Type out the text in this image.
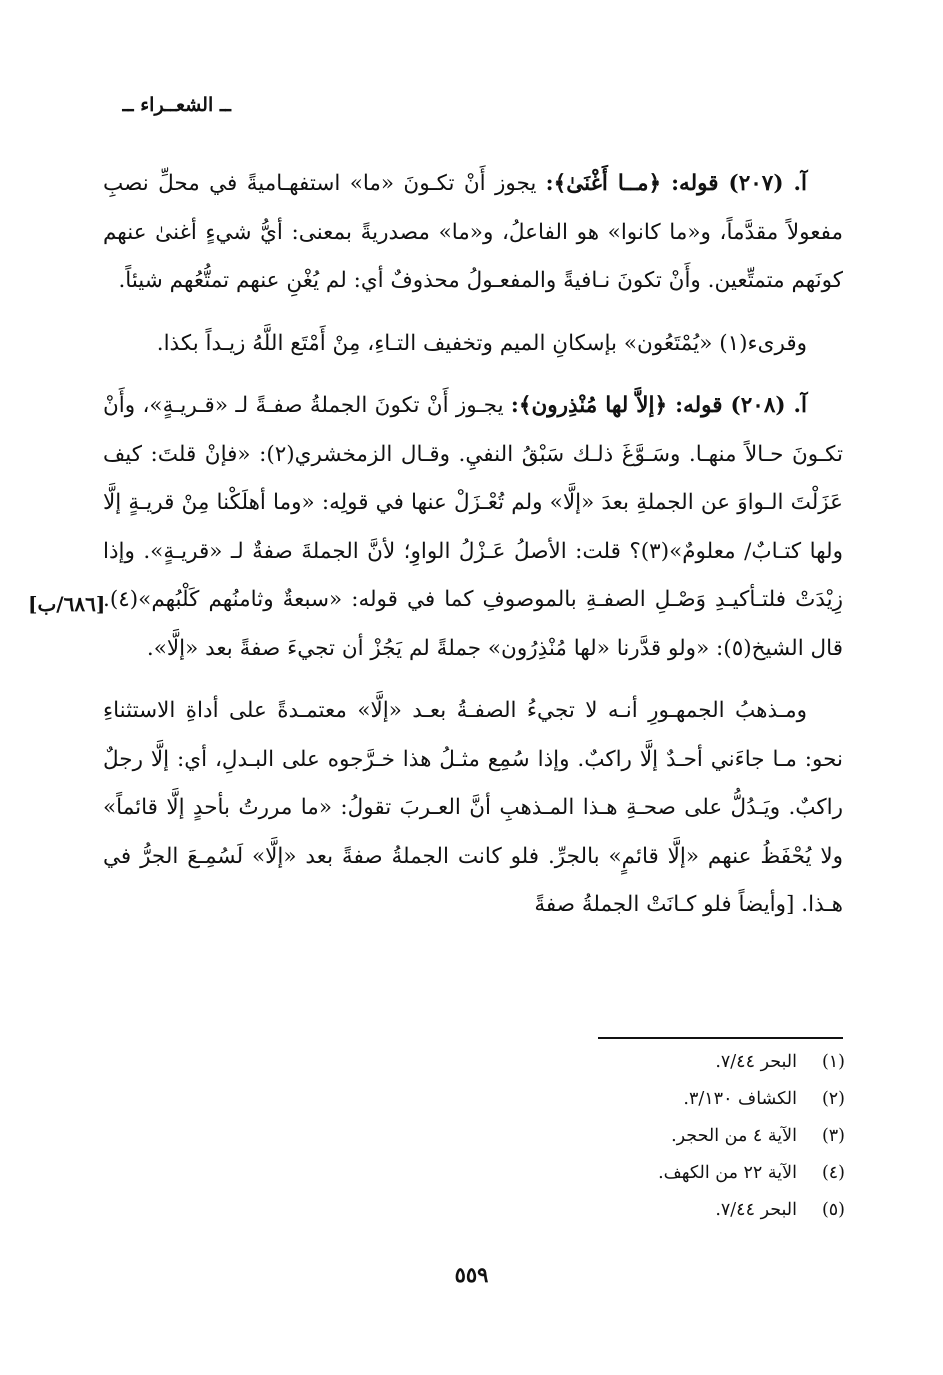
ــ الشعــراء ــ

آ. (٢٠٧) قوله: ﴿مــا أَغْنَىٰ﴾: يجوز أَنْ تكـونَ «ما» استفهـاميةً في محلِّ نصبِ مفعولاً مقدَّماً، و«ما كانوا» هو الفاعلُ، و«ما» مصدريةً بمعنى: أيُّ شيءٍ أغنىٰ عنهم كونَهم متمتِّعين. وأَنْ تكونَ نـافيةً والمفعـولُ محذوفٌ أي: لم يُغْنِ عنهم تمتُّعُهم شيئاً.

وقرىء(١) «يُمْتَعُون» بإسكانِ الميم وتخفيف التـاءِ، مِنْ أَمْتَع اللَّهُ زيـداً بكذا.

آ. (٢٠٨) قوله: ﴿إلاَّ لها مُنْذِرون﴾: يجـوز أَنْ تكونَ الجملةُ صفـةً لـ «قـريـةٍ»، وأَنْ تكـونَ حـالاً منهـا. وسَـوَّغَ ذلـك سَبْقُ النفيِ. وقـال الزمخشري(٢): «فإنْ قلتَ: كيف عَزَلْتَ الـواوَ عن الجملةِ بعدَ «إلَّا» ولم تُعْـزَلْ عنها في قولِه: «وما أهلَكْنا مِنْ قريـةٍ إلَّا ولها كتـابٌ/ معلومٌ»(٣)؟ قلت: الأصلُ عَـزْلُ الواوِ؛ لأنَّ الجملةَ صفةٌ لـ «قريـةٍ». وإذا زِيْدَتْ فلتـأكيـدِ وَصْـلِ الصفـةِ بالموصوفِ كما في قوله: «سبعةٌ وثامنُهم كَلْبُهم»(٤). قال الشيخ(٥): «ولو قدَّرنا «لها مُنْذِرُون» جملةً لم يَجُزْ أن تجيءَ صفةً بعد «إلَّا».

ومـذهبُ الجمهـورِ أنـه لا تجيءُ الصفـةُ بعـد «إلَّا» معتمـدةً على أداةِ الاستثناءِ نحو: مـا جاءَني أحـدٌ إلَّا راكبٌ. وإذا سُمِع مثـلُ هذا خـرَّجوه على البـدلِ، أي: إلَّا رجلٌ راكبٌ. ويَـدُلُّ على صحـةِ هـذا المـذهبِ أنَّ العـربَ تقولُ: «ما مررتُ بأحدٍ إلَّا قائماً» ولا يُحْفَظُ عنهم «إلَّا قائمٍ» بالجرِّ. فلو كانت الجملةُ صفةً بعد «إلَّا» لَسُمِـعَ الجرُّ في هـذا. [وأيضاً فلو كـانَتْ الجملةُ صفةً

[٦٨٦/ب]
(١)
البحر ٧/٤٤.
(٢)
الكشاف ٣/١٣٠.
(٣)
الآية ٤ من الحجر.
(٤)
الآية ٢٢ من الكهف.
(٥)
البحر ٧/٤٤.
٥٥٩
